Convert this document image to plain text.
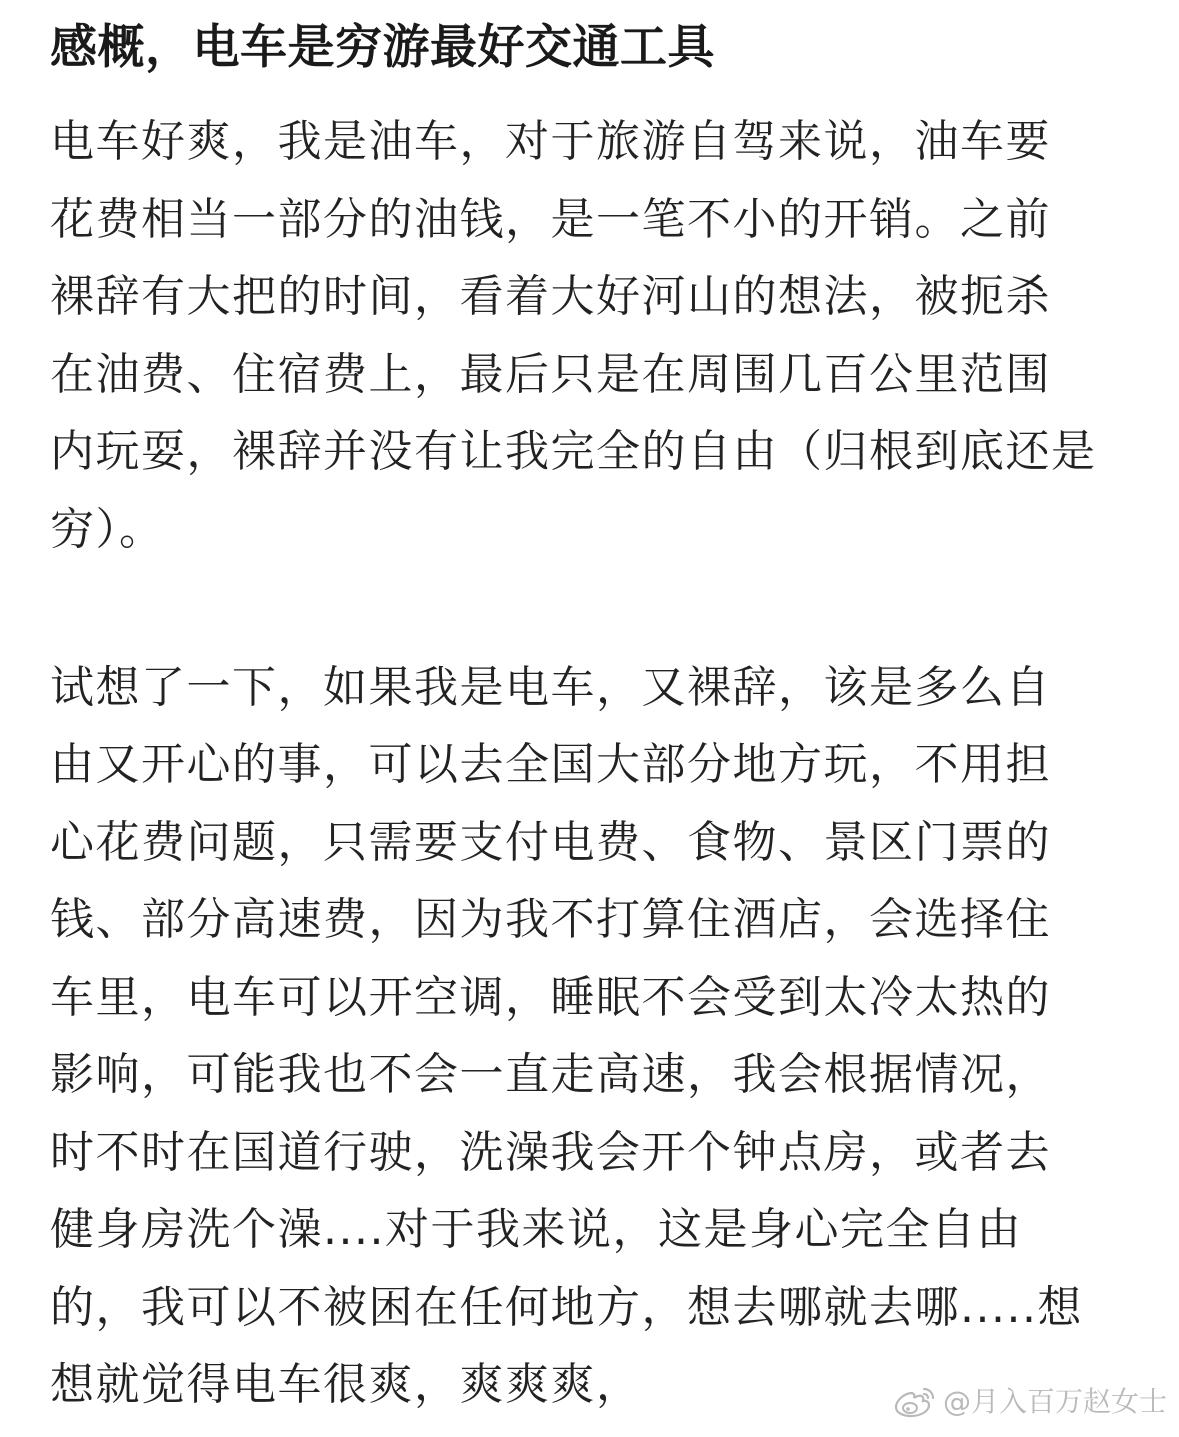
感概，电车是穷游最好交通工具
电车好爽，我是油车，对于旅游自驾来说，油车要
花费相当一部分的油钱，是一笔不小的开销。之前
裸辞有大把的时间，看着大好河山的想法，被扼杀
在油费、住宿费上，最后只是在周围几百公里范围
内玩耍，裸辞并没有让我完全的自由（归根到底还是
穷）。
试想了一下，如果我是电车，又裸辞，该是多么自
由又开心的事，可以去全国大部分地方玩，不用担
心花费问题，只需要支付电费、食物、景区门票的
钱、部分高速费，因为我不打算住酒店，会选择住
车里，电车可以开空调，睡眠不会受到太冷太热的
影响，可能我也不会一直走高速，我会根据情况，
时不时在国道行驶，洗澡我会开个钟点房，或者去
健身房洗个澡....对于我来说，这是身心完全自由
的，我可以不被困在任何地方，想去哪就去哪.....想
想就觉得电车很爽，爽爽爽，	@月入百万赵女士
